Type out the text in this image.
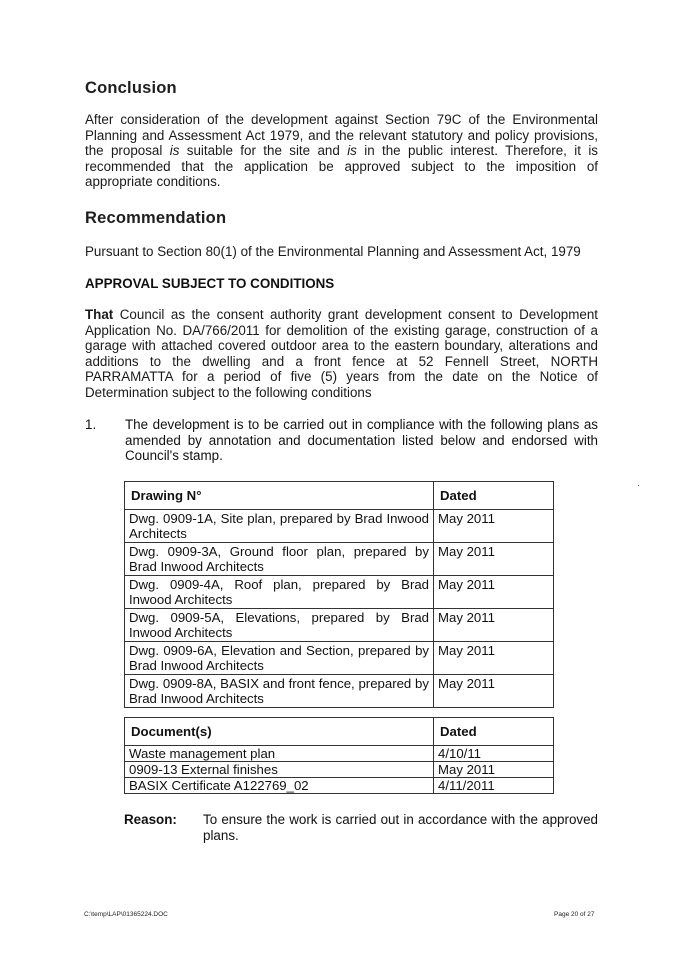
Conclusion

After consideration of the development against Section 79C of the Environmental Planning and Assessment Act 1979, and the relevant statutory and policy provisions, the proposal is suitable for the site and is in the public interest. Therefore, it is recommended that the application be approved subject to the imposition of appropriate conditions.

Recommendation

Pursuant to Section 80(1) of the Environmental Planning and Assessment Act, 1979

APPROVAL SUBJECT TO CONDITIONS

That Council as the consent authority grant development consent to Development Application No. DA/766/2011 for demolition of the existing garage, construction of a garage with attached covered outdoor area to the eastern boundary, alterations and additions to the dwelling and a front fence at 52 Fennell Street, NORTH PARRAMATTA for a period of five (5) years from the date on the Notice of Determination subject to the following conditions

1. The development is to be carried out in compliance with the following plans as amended by annotation and documentation listed below and endorsed with Council's stamp.

Drawing N°	Dated
Dwg. 0909-1A, Site plan, prepared by Brad Inwood Architects	May 2011
Dwg. 0909-3A, Ground floor plan, prepared by Brad Inwood Architects	May 2011
Dwg. 0909-4A, Roof plan, prepared by Brad Inwood Architects	May 2011
Dwg. 0909-5A, Elevations, prepared by Brad Inwood Architects	May 2011
Dwg. 0909-6A, Elevation and Section, prepared by Brad Inwood Architects	May 2011
Dwg. 0909-8A, BASIX and front fence, prepared by Brad Inwood Architects	May 2011
Document(s)	Dated
Waste management plan	4/10/11
0909-13 External finishes	May 2011
BASIX Certificate A122769_02	4/11/2011
Reason: To ensure the work is carried out in accordance with the approved plans.

C:\temp\LAP\01365224.DOC	Page 20 of 27
